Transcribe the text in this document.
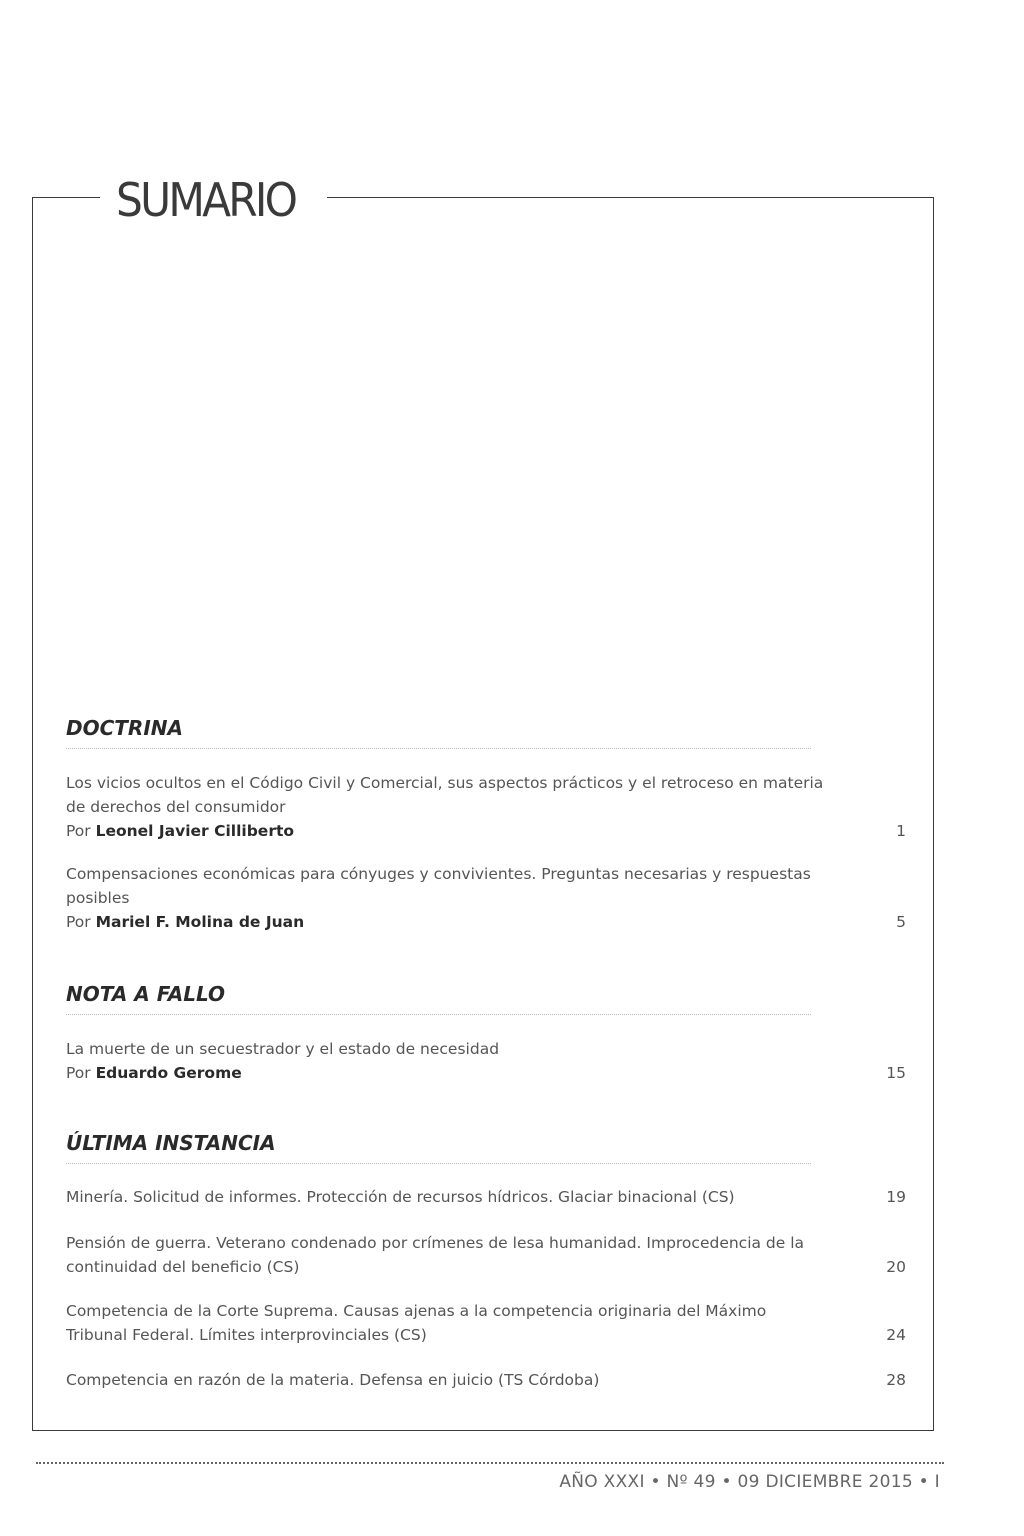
SUMARIO
DOCTRINA
Los vicios ocultos en el Código Civil y Comercial, sus aspectos prácticos y el retroceso en materia de derechos del consumidor
Por Leonel Javier Cilliberto	1
Compensaciones económicas para cónyuges y convivientes. Preguntas necesarias y respuestas posibles
Por Mariel F. Molina de Juan	5
NOTA A FALLO
La muerte de un secuestrador y el estado de necesidad
Por Eduardo Gerome	15
ÚLTIMA INSTANCIA
Minería. Solicitud de informes. Protección de recursos hídricos. Glaciar binacional (CS)	19
Pensión de guerra. Veterano condenado por crímenes de lesa humanidad. Improcedencia de la continuidad del beneficio (CS)	20
Competencia de la Corte Suprema. Causas ajenas a la competencia originaria del Máximo Tribunal Federal. Límites interprovinciales (CS)	24
Competencia en razón de la materia. Defensa en juicio (TS Córdoba)	28
AÑO XXXI • Nº 49 • 09 DICIEMBRE 2015 • I
